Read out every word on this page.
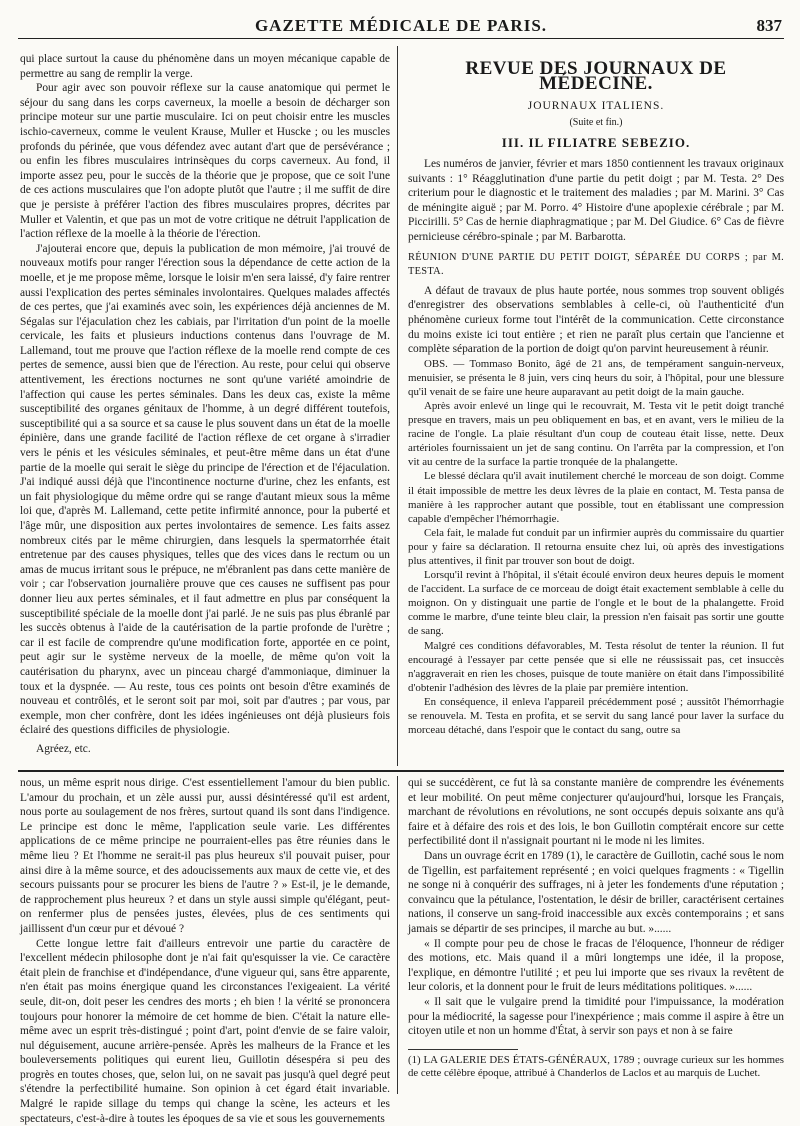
GAZETTE MÉDICALE DE PARIS.	837

qui place surtout la cause du phénomène dans un moyen mécanique capable de permettre au sang de remplir la verge.

Pour agir avec son pouvoir réflexe sur la cause anatomique qui permet le séjour du sang dans les corps caverneux, la moelle a besoin de décharger son principe moteur sur une partie musculaire. Ici on peut choisir entre les muscles ischio-caverneux, comme le veulent Krause, Muller et Huscke ; ou les muscles profonds du périnée, que vous défendez avec autant d'art que de persévérance ; ou enfin les fibres musculaires intrinsèques du corps caverneux. Au fond, il importe assez peu, pour le succès de la théorie que je propose, que ce soit l'une de ces actions musculaires que l'on adopte plutôt que l'autre ; il me suffit de dire que je persiste à préférer l'action des fibres musculaires propres, décrites par Muller et Valentin, et que pas un mot de votre critique ne détruit l'application de l'action réflexe de la moelle à la théorie de l'érection.

J'ajouterai encore que, depuis la publication de mon mémoire, j'ai trouvé de nouveaux motifs pour ranger l'érection sous la dépendance de cette action de la moelle, et je me propose même, lorsque le loisir m'en sera laissé, d'y faire rentrer aussi l'explication des pertes séminales involontaires. Quelques malades affectés de ces pertes, que j'ai examinés avec soin, les expériences déjà anciennes de M. Ségalas sur l'éjaculation chez les cabiais, par l'irritation d'un point de la moelle cervicale, les faits et plusieurs inductions contenus dans l'ouvrage de M. Lallemand, tout me prouve que l'action réflexe de la moelle rend compte de ces pertes de semence, aussi bien que de l'érection. Au reste, pour celui qui observe attentivement, les érections nocturnes ne sont qu'une variété amoindrie de l'affection qui cause les pertes séminales. Dans les deux cas, existe la même susceptibilité des organes génitaux de l'homme, à un degré différent toutefois, susceptibilité qui a sa source et sa cause le plus souvent dans un état de la moelle épinière, dans une grande facilité de l'action réflexe de cet organe à s'irradier vers le pénis et les vésicules séminales, et peut-être même dans un état d'une partie de la moelle qui serait le siège du principe de l'érection et de l'éjaculation. J'ai indiqué aussi déjà que l'incontinence nocturne d'urine, chez les enfants, est un fait physiologique du même ordre qui se range d'autant mieux sous la même loi que, d'après M. Lallemand, cette petite infirmité annonce, pour la puberté et l'âge mûr, une disposition aux pertes involontaires de semence. Les faits assez nombreux cités par le même chirurgien, dans lesquels la spermatorrhée était entretenue par des causes physiques, telles que des vices dans le rectum ou un amas de mucus irritant sous le prépuce, ne m'ébranlent pas dans cette manière de voir ; car l'observation journalière prouve que ces causes ne suffisent pas pour donner lieu aux pertes séminales, et il faut admettre en plus par conséquent la susceptibilité spéciale de la moelle dont j'ai parlé. Je ne suis pas plus ébranlé par les succès obtenus à l'aide de la cautérisation de la partie profonde de l'urètre ; car il est facile de comprendre qu'une modification forte, apportée en ce point, peut agir sur le système nerveux de la moelle, de même qu'on voit la cautérisation du pharynx, avec un pinceau chargé d'ammoniaque, diminuer la toux et la dyspnée. — Au reste, tous ces points ont besoin d'être examinés de nouveau et contrôlés, et le seront soit par moi, soit par d'autres ; par vous, par exemple, mon cher confrère, dont les idées ingénieuses ont déjà plusieurs fois éclairé des questions difficiles de physiologie.

Agréez, etc.

REVUE DES JOURNAUX DE MÉDECINE.
JOURNAUX ITALIENS.
(Suite et fin.)
III. IL FILIATRE SEBEZIO.

Les numéros de janvier, février et mars 1850 contiennent les travaux originaux suivants : 1° Réagglutination d'une partie du petit doigt ; par M. Testa. 2° Des criterium pour le diagnostic et le traitement des maladies ; par M. Marini. 3° Cas de méningite aiguë ; par M. Porro. 4° Histoire d'une apoplexie cérébrale ; par M. Piccirilli. 5° Cas de hernie diaphragmatique ; par M. Del Giudice. 6° Cas de fièvre pernicieuse cérébro-spinale ; par M. Barbarotta.

RÉUNION D'UNE PARTIE DU PETIT DOIGT, SÉPARÉE DU CORPS ; par M. TESTA.

A défaut de travaux de plus haute portée, nous sommes trop souvent obligés d'enregistrer des observations semblables à celle-ci, où l'authenticité d'un phénomène curieux forme tout l'intérêt de la communication. Cette circonstance du moins existe ici tout entière ; et rien ne paraît plus certain que l'ancienne et complète séparation de la portion de doigt qu'on parvint heureusement à réunir.

OBS. — Tommaso Bonito, âgé de 21 ans, de tempérament sanguin-nerveux, menuisier, se présenta le 8 juin, vers cinq heurs du soir, à l'hôpital, pour une blessure qu'il venait de se faire une heure auparavant au petit doigt de la main gauche.

Après avoir enlevé un linge qui le recouvrait, M. Testa vit le petit doigt tranché presque en travers, mais un peu obliquement en bas, et en avant, vers le milieu de la racine de l'ongle. La plaie résultant d'un coup de couteau était lisse, nette. Deux artérioles fournissaient un jet de sang continu. On l'arrêta par la compression, et l'on vit au centre de la surface la partie tronquée de la phalangette.

Le blessé déclara qu'il avait inutilement cherché le morceau de son doigt. Comme il était impossible de mettre les deux lèvres de la plaie en contact, M. Testa pansa de manière à les rapprocher autant que possible, tout en établissant une compression capable d'empêcher l'hémorrhagie.

Cela fait, le malade fut conduit par un infirmier auprès du commissaire du quartier pour y faire sa déclaration. Il retourna ensuite chez lui, où après des investigations plus attentives, il finit par trouver son bout de doigt.

Lorsqu'il revint à l'hôpital, il s'était écoulé environ deux heures depuis le moment de l'accident. La surface de ce morceau de doigt était exactement semblable à celle du moignon. On y distinguait une partie de l'ongle et le bout de la phalangette. Froid comme le marbre, d'une teinte bleu clair, la pression n'en faisait pas sortir une goutte de sang.

Malgré ces conditions défavorables, M. Testa résolut de tenter la réunion. Il fut encouragé à l'essayer par cette pensée que si elle ne réussissait pas, cet insuccès n'aggraverait en rien les choses, puisque de toute manière on était dans l'impossibilité d'obtenir l'adhésion des lèvres de la plaie par première intention.

En conséquence, il enleva l'appareil précédemment posé ; aussitôt l'hémorrhagie se renouvela. M. Testa en profita, et se servit du sang lancé pour laver la surface du morceau détaché, dans l'espoir que le contact du sang, outre sa

nous, un même esprit nous dirige. C'est essentiellement l'amour du bien public. L'amour du prochain, et un zèle aussi pur, aussi désintéressé qu'il est ardent, nous porte au soulagement de nos frères, surtout quand ils sont dans l'indigence. Le principe est donc le même, l'application seule varie. Les différentes applications de ce même principe ne pourraient-elles pas être réunies dans le même lieu ? Et l'homme ne serait-il pas plus heureux s'il pouvait puiser, pour ainsi dire à la même source, et des adoucissements aux maux de cette vie, et des secours puissants pour se procurer les biens de l'autre ? » Est-il, je le demande, de rapprochement plus heureux ? et dans un style aussi simple qu'élégant, peut-on renfermer plus de pensées justes, élevées, plus de ces sentiments qui jaillissent d'un cœur pur et dévoué ?

Cette longue lettre fait d'ailleurs entrevoir une partie du caractère de l'excellent médecin philosophe dont je n'ai fait qu'esquisser la vie. Ce caractère était plein de franchise et d'indépendance, d'une vigueur qui, sans être apparente, n'en était pas moins énergique quand les circonstances l'exigeaient. La vérité seule, dit-on, doit peser les cendres des morts ; eh bien ! la vérité se prononcera toujours pour honorer la mémoire de cet homme de bien. C'était la nature elle-même avec un esprit très-distingué ; point d'art, point d'envie de se faire valoir, nul déguisement, aucune arrière-pensée. Après les malheurs de la France et les bouleversements politiques qui eurent lieu, Guillotin désespéra si peu des progrès en toutes choses, que, selon lui, on ne savait pas jusqu'à quel degré peut s'étendre la perfectibilité humaine. Son opinion à cet égard était invariable. Malgré le rapide sillage du temps qui change la scène, les acteurs et les spectateurs, c'est-à-dire à toutes les époques de sa vie et sous les gouvernements

qui se succédèrent, ce fut là sa constante manière de comprendre les événements et leur mobilité. On peut même conjecturer qu'aujourd'hui, lorsque les Français, marchant de révolutions en révolutions, ne sont occupés depuis soixante ans qu'à faire et à défaire des rois et des lois, le bon Guillotin comptérait encore sur cette perfectibilité dont il n'assignait pourtant ni le mode ni les limites.

Dans un ouvrage écrit en 1789 (1), le caractère de Guillotin, caché sous le nom de Tigellin, est parfaitement représenté ; en voici quelques fragments : « Tigellin ne songe ni à conquérir des suffrages, ni à jeter les fondements d'une réputation ; convaincu que la pétulance, l'ostentation, le désir de briller, caractérisent certaines nations, il conserve un sang-froid inaccessible aux excès contemporains ; et sans jamais se départir de ses principes, il marche au but. »......

« Il compte pour peu de chose le fracas de l'éloquence, l'honneur de rédiger des motions, etc. Mais quand il a mûri longtemps une idée, il la propose, l'explique, en démontre l'utilité ; et peu lui importe que ses rivaux la revêtent de leur coloris, et la donnent pour le fruit de leurs méditations politiques. »......

« Il sait que le vulgaire prend la timidité pour l'impuissance, la modération pour la médiocrité, la sagesse pour l'inexpérience ; mais comme il aspire à être un citoyen utile et non un homme d'État, à servir son pays et non à se faire

(1) LA GALERIE DES ÉTATS-GÉNÉRAUX, 1789 ; ouvrage curieux sur les hommes de cette célèbre époque, attribué à Chanderlos de Laclos et au marquis de Luchet.
